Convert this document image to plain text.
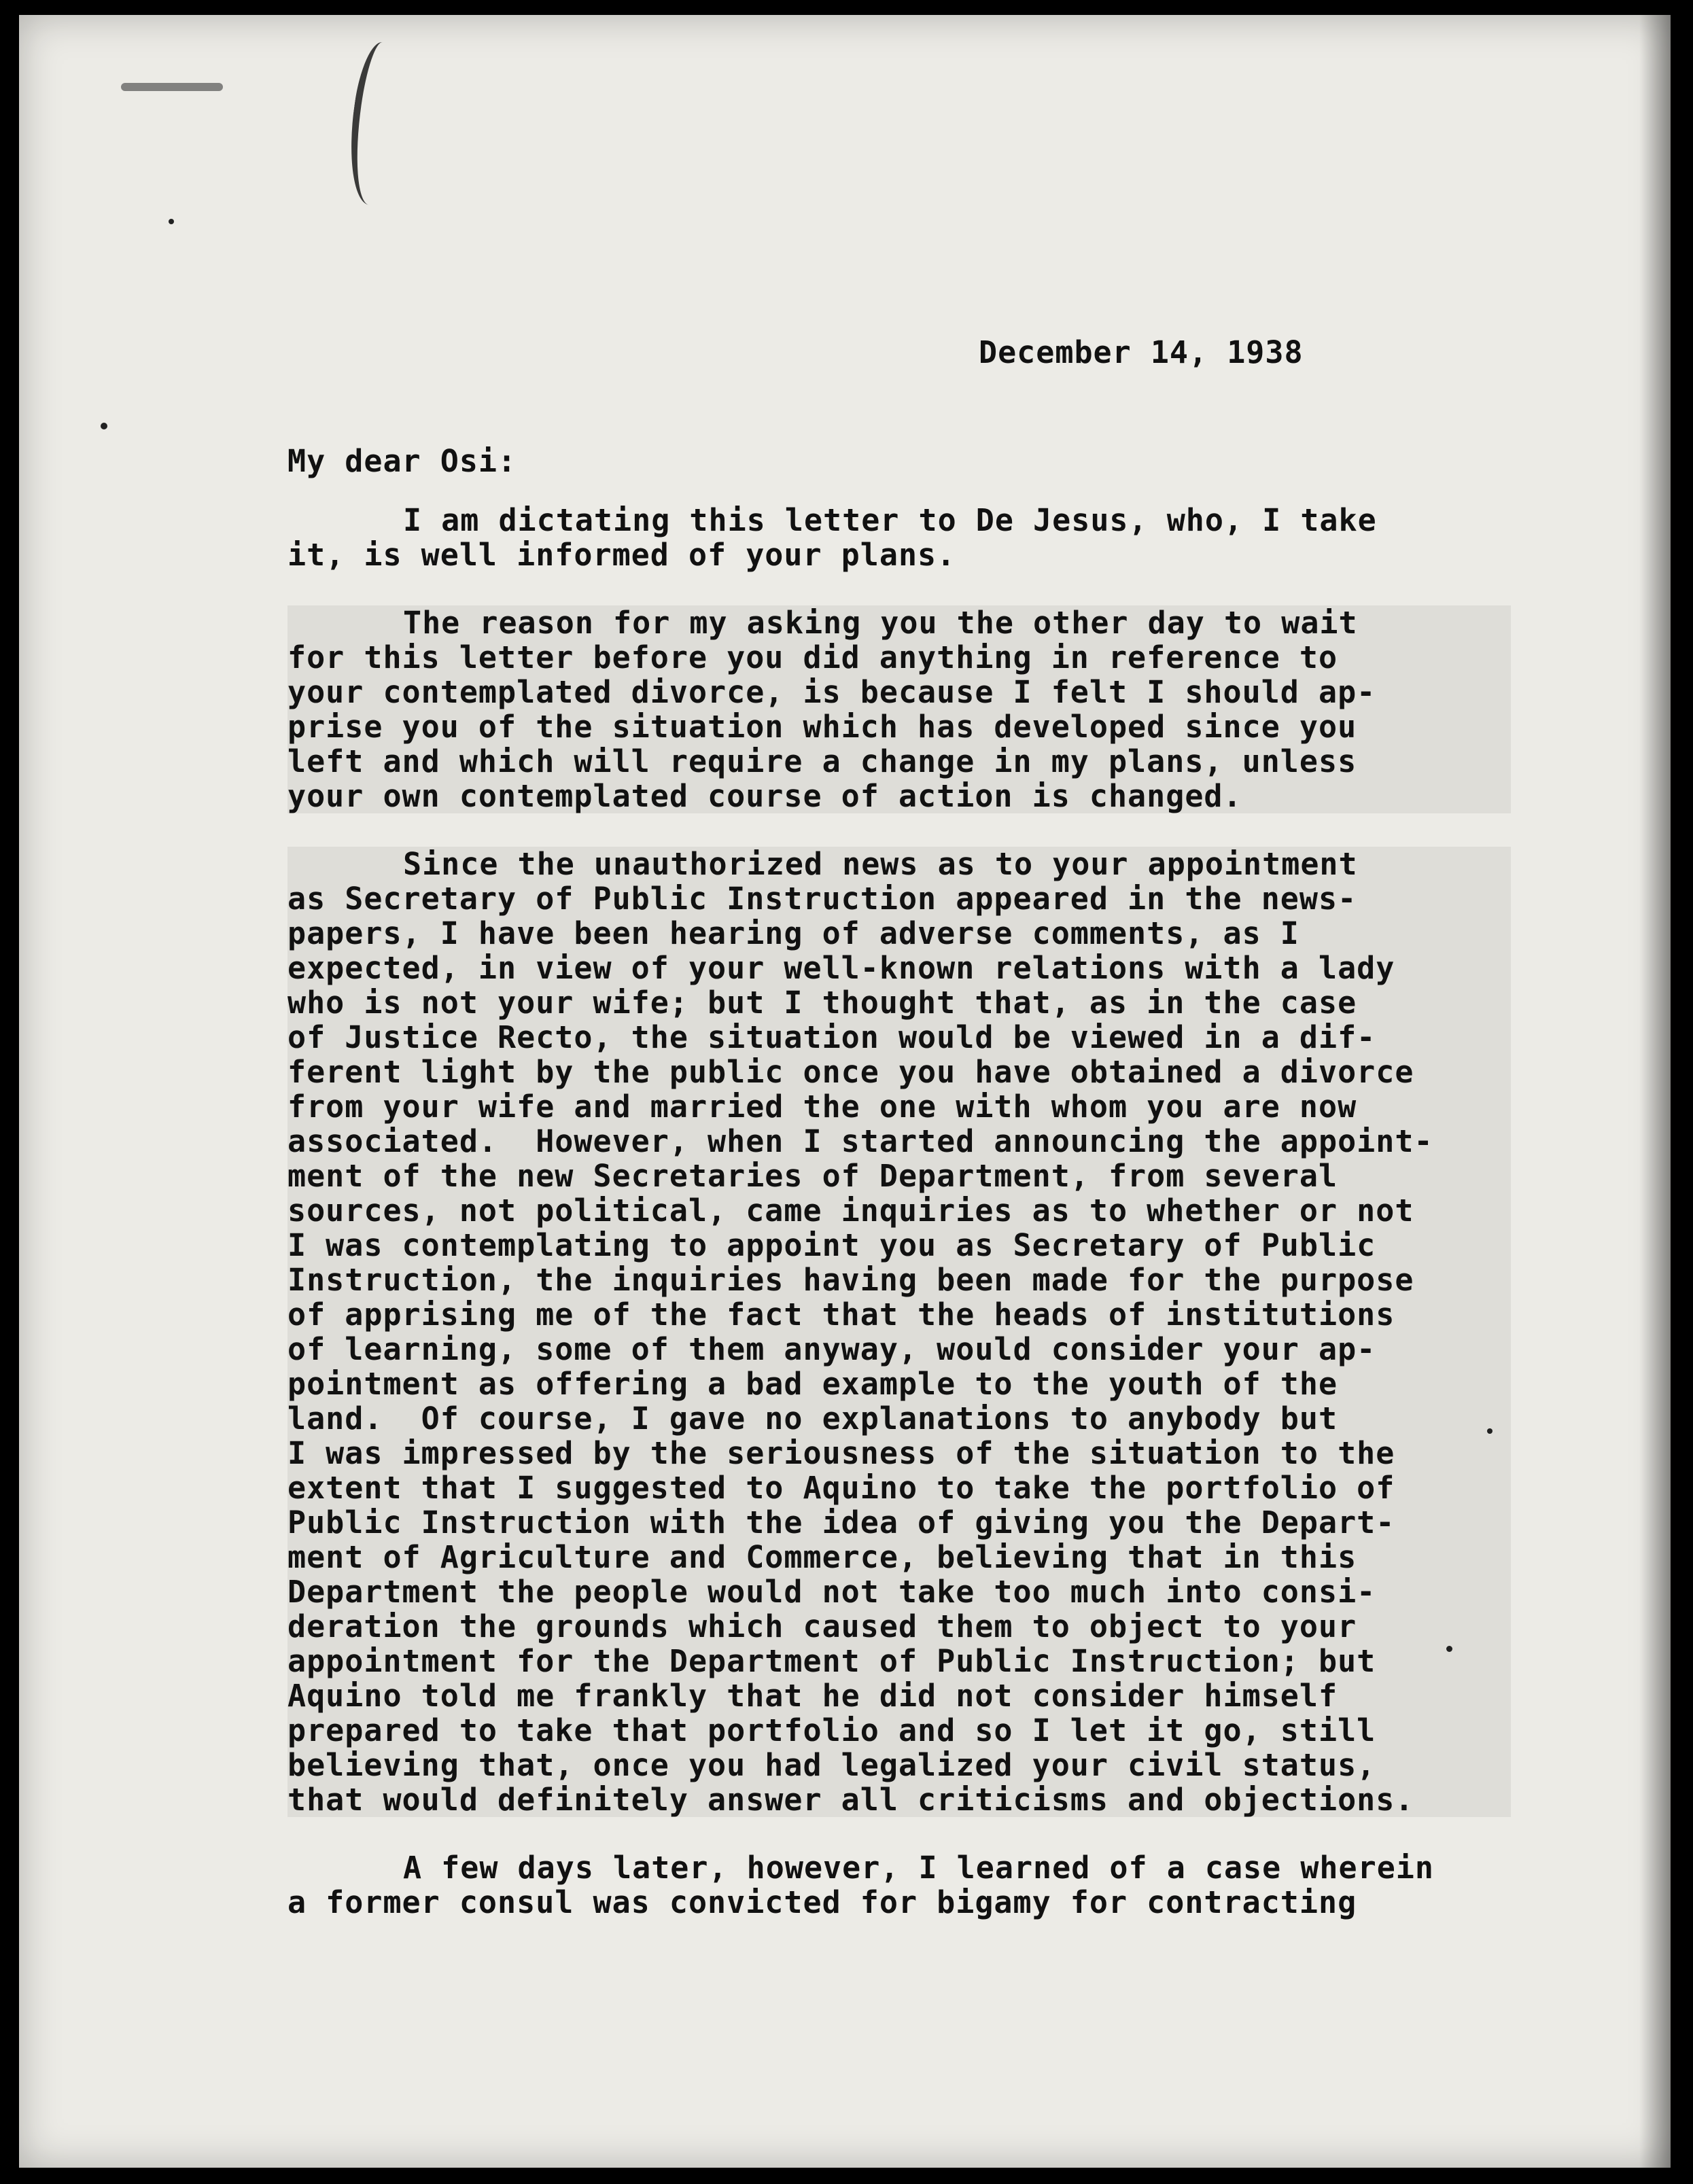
December 14, 1938
My dear Osi:
I am dictating this letter to De Jesus, who, I take
it, is well informed of your plans.
The reason for my asking you the other day to wait
for this letter before you did anything in reference to
your contemplated divorce, is because I felt I should ap-
prise you of the situation which has developed since you
left and which will require a change in my plans, unless
your own contemplated course of action is changed.
Since the unauthorized news as to your appointment
as Secretary of Public Instruction appeared in the news-
papers, I have been hearing of adverse comments, as I
expected, in view of your well-known relations with a lady
who is not your wife; but I thought that, as in the case
of Justice Recto, the situation would be viewed in a dif-
ferent light by the public once you have obtained a divorce
from your wife and married the one with whom you are now
associated.  However, when I started announcing the appoint-
ment of the new Secretaries of Department, from several
sources, not political, came inquiries as to whether or not
I was contemplating to appoint you as Secretary of Public
Instruction, the inquiries having been made for the purpose
of apprising me of the fact that the heads of institutions
of learning, some of them anyway, would consider your ap-
pointment as offering a bad example to the youth of the
land.  Of course, I gave no explanations to anybody but
I was impressed by the seriousness of the situation to the
extent that I suggested to Aquino to take the portfolio of
Public Instruction with the idea of giving you the Depart-
ment of Agriculture and Commerce, believing that in this
Department the people would not take too much into consi-
deration the grounds which caused them to object to your
appointment for the Department of Public Instruction; but
Aquino told me frankly that he did not consider himself
prepared to take that portfolio and so I let it go, still
believing that, once you had legalized your civil status,
that would definitely answer all criticisms and objections.
A few days later, however, I learned of a case wherein
a former consul was convicted for bigamy for contracting
